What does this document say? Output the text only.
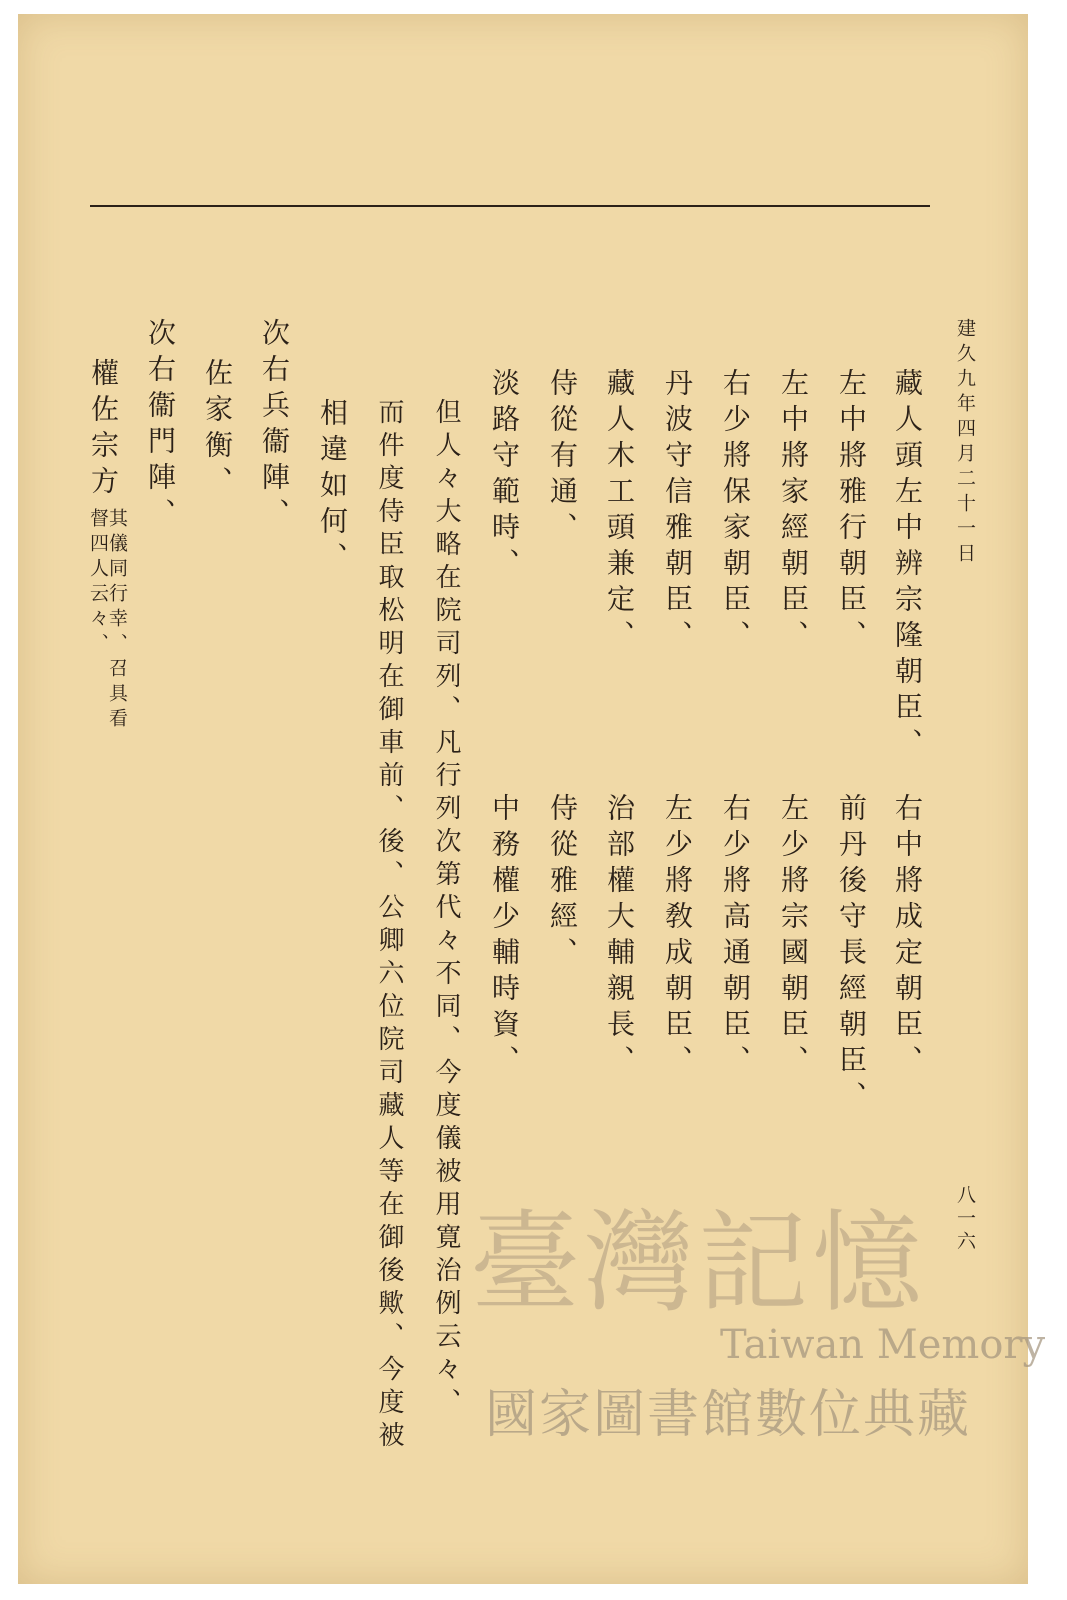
八一六
建久九年四月二十一日
藏人頭左中辨宗隆朝臣、
右中將成定朝臣、
左中將雅行朝臣、
前丹後守長經朝臣、
左中將家經朝臣、
左少將宗國朝臣、
右少將保家朝臣、
右少將高通朝臣、
丹波守信雅朝臣、
左少將敎成朝臣、
藏人木工頭兼定、
治部權大輔親長、
侍從有通、
侍從雅經、
淡路守範時、
中務權少輔時資、
但人々大略在院司列、凡行列次第代々不同、今度儀被用寛治例云々、
而件度侍臣取松明在御車前、後、公卿六位院司藏人等在御後歟、今度被
相違如何、
次右兵衞陣、
佐家衡、
次右衞門陣、
權佐宗方
其儀同行幸、召具看督四人云々、
臺灣記憶
Taiwan Memory
國家圖書館數位典藏
